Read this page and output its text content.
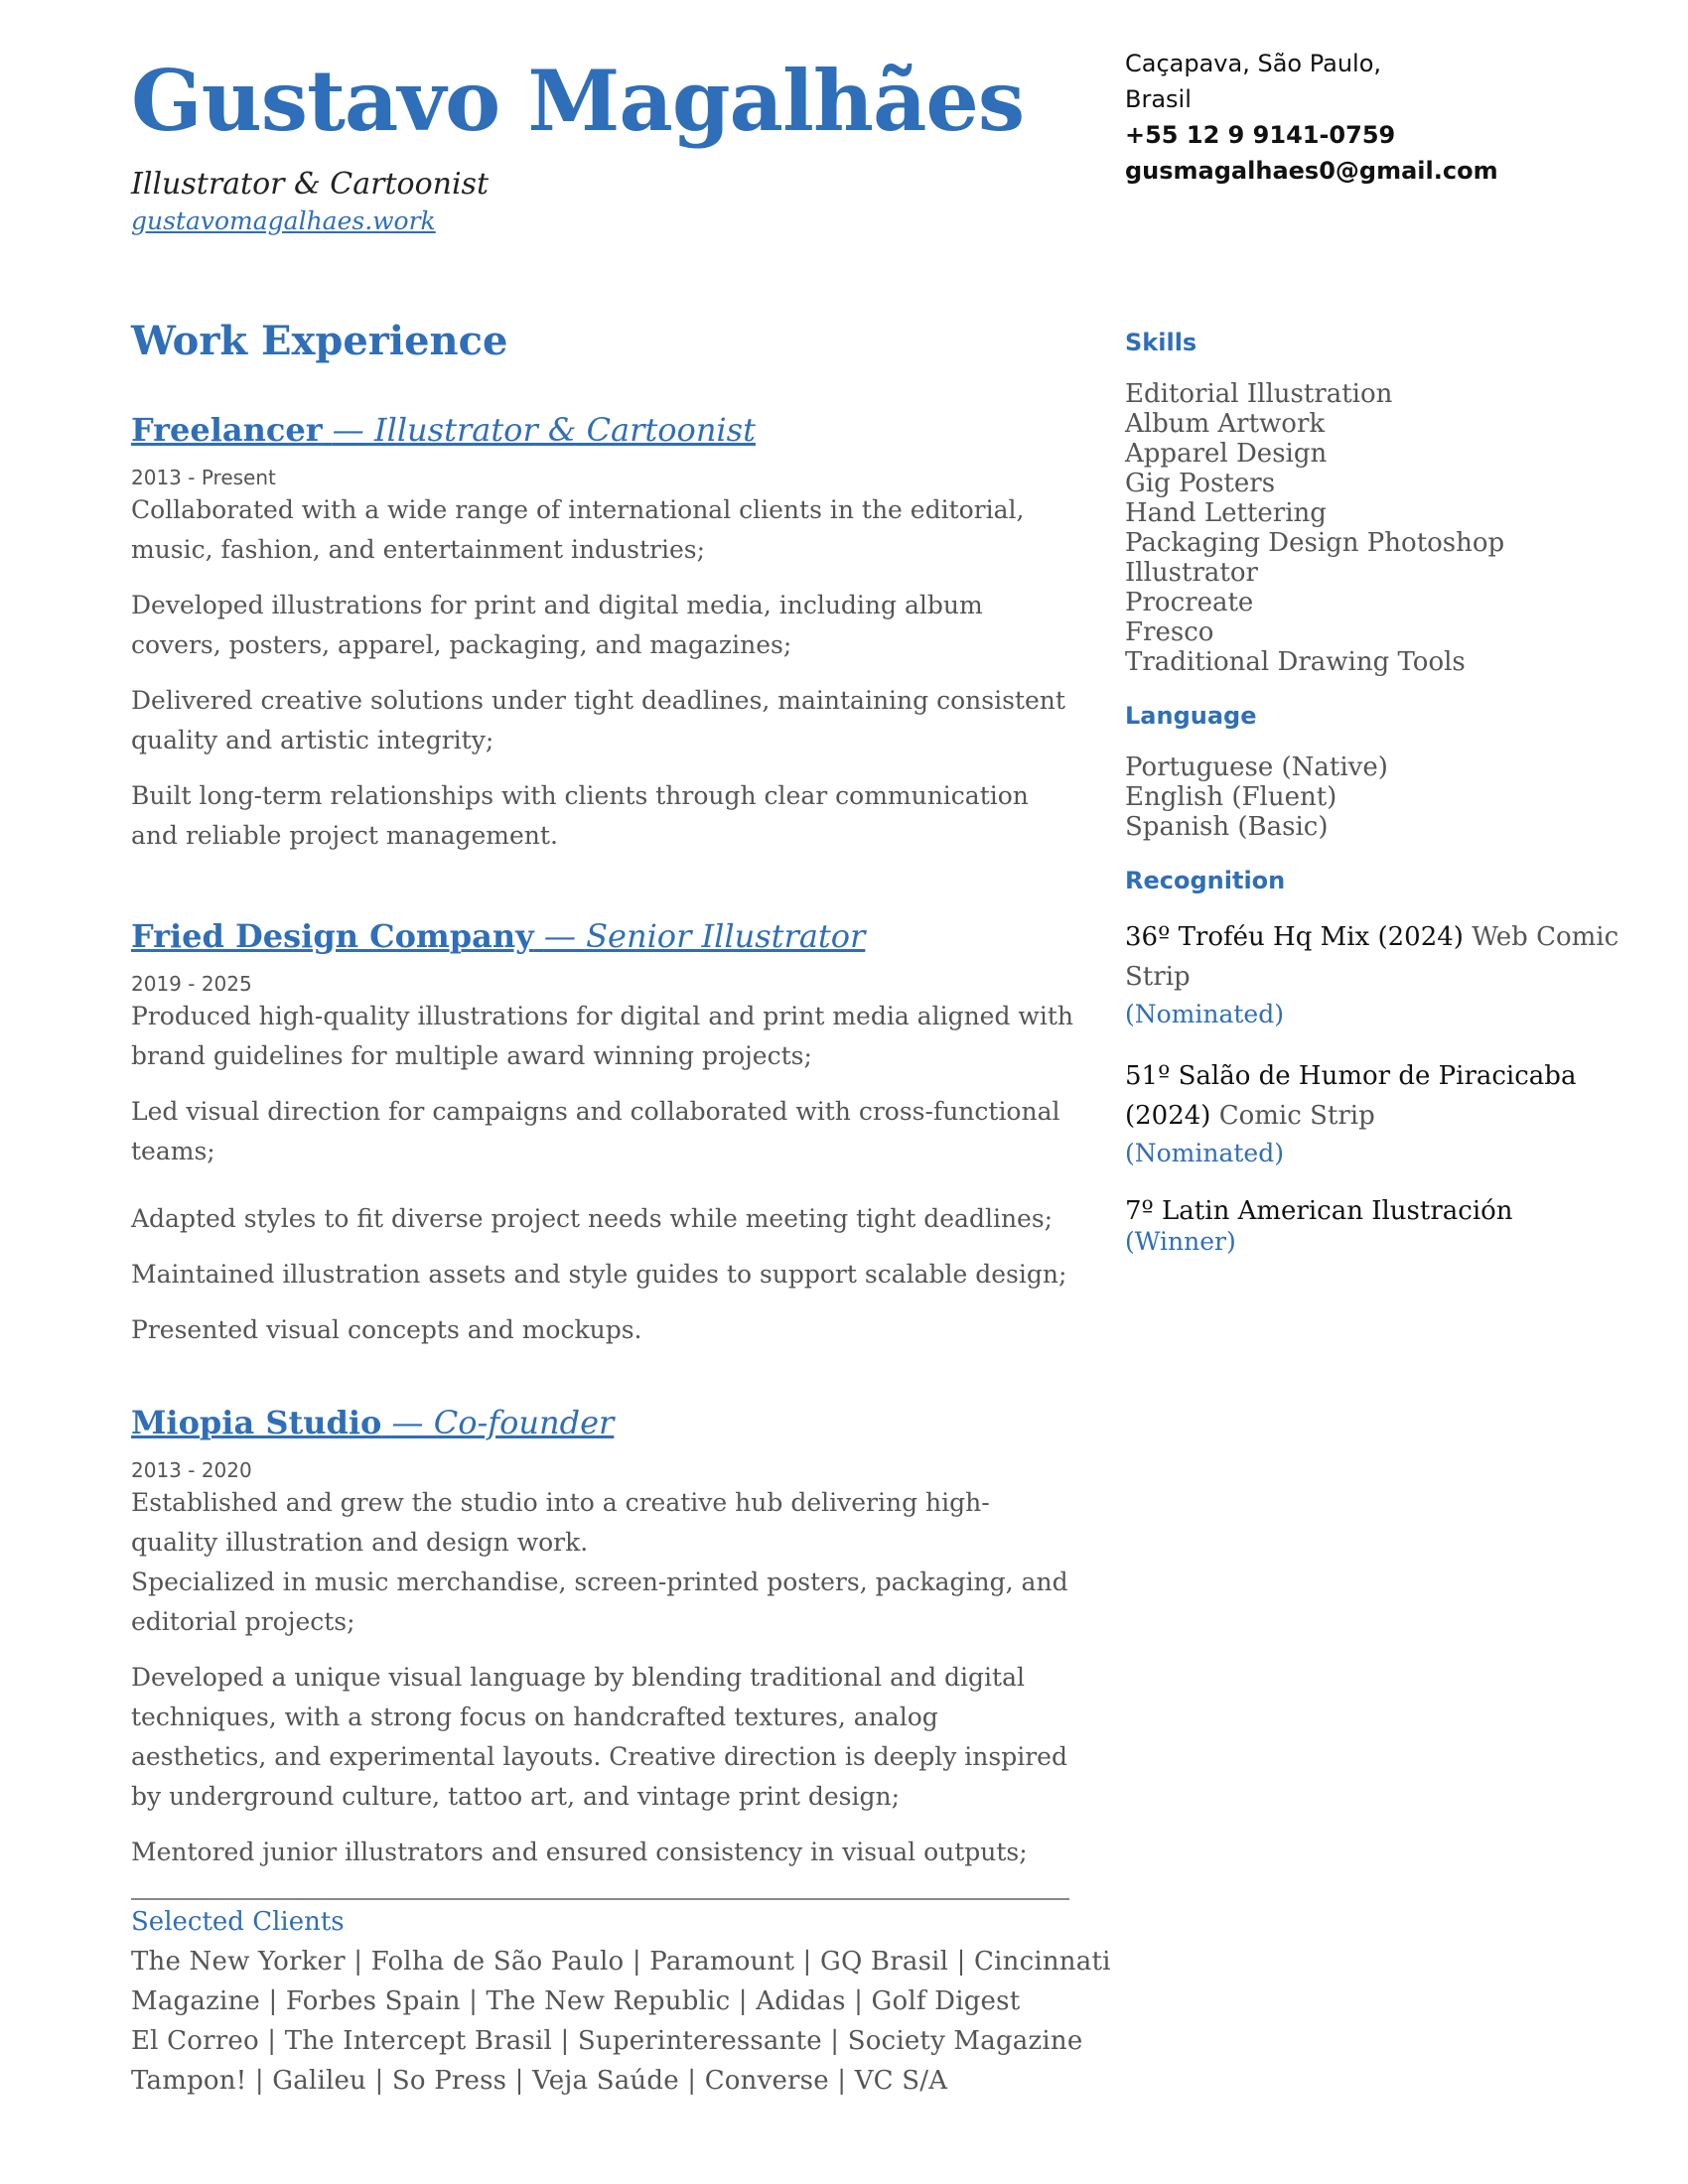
Gustavo Magalhães
Illustrator & Cartoonist
gustavomagalhaes.work
Caçapava, São Paulo,
Brasil
+55 12 9 9141-0759
gusmagalhaes0@gmail.com
Work Experience
Freelancer — Illustrator & Cartoonist
2013 - Present
Collaborated with a wide range of international clients in the editorial, music, fashion, and entertainment industries;
Developed illustrations for print and digital media, including album covers, posters, apparel, packaging, and magazines;
Delivered creative solutions under tight deadlines, maintaining consistent quality and artistic integrity;
Built long-term relationships with clients through clear communication and reliable project management.
Fried Design Company — Senior Illustrator
2019 - 2025
Produced high-quality illustrations for digital and print media aligned with brand guidelines for multiple award winning projects;
Led visual direction for campaigns and collaborated with cross-functional teams;
Adapted styles to fit diverse project needs while meeting tight deadlines;
Maintained illustration assets and style guides to support scalable design;
Presented visual concepts and mockups.
Miopia Studio — Co-founder
2013 - 2020
Established and grew the studio into a creative hub delivering high-quality illustration and design work.
Specialized in music merchandise, screen-printed posters, packaging, and editorial projects;
Developed a unique visual language by blending traditional and digital techniques, with a strong focus on handcrafted textures, analog aesthetics, and experimental layouts. Creative direction is deeply inspired by underground culture, tattoo art, and vintage print design;
Mentored junior illustrators and ensured consistency in visual outputs;
Selected Clients
The New Yorker | Folha de São Paulo | Paramount | GQ Brasil | Cincinnati
Magazine | Forbes Spain | The New Republic | Adidas | Golf Digest
El Correo | The Intercept Brasil | Superinteressante | Society Magazine
Tampon! | Galileu | So Press | Veja Saúde | Converse | VC S/A
Skills
Editorial Illustration
Album Artwork
Apparel Design
Gig Posters
Hand Lettering
Packaging Design Photoshop
Illustrator
Procreate
Fresco
Traditional Drawing Tools
Language
Portuguese (Native)
English (Fluent)
Spanish (Basic)
Recognition
36º Troféu Hq Mix (2024) Web Comic Strip
(Nominated)
51º Salão de Humor de Piracicaba (2024) Comic Strip
(Nominated)
7º Latin American Ilustración
(Winner)
